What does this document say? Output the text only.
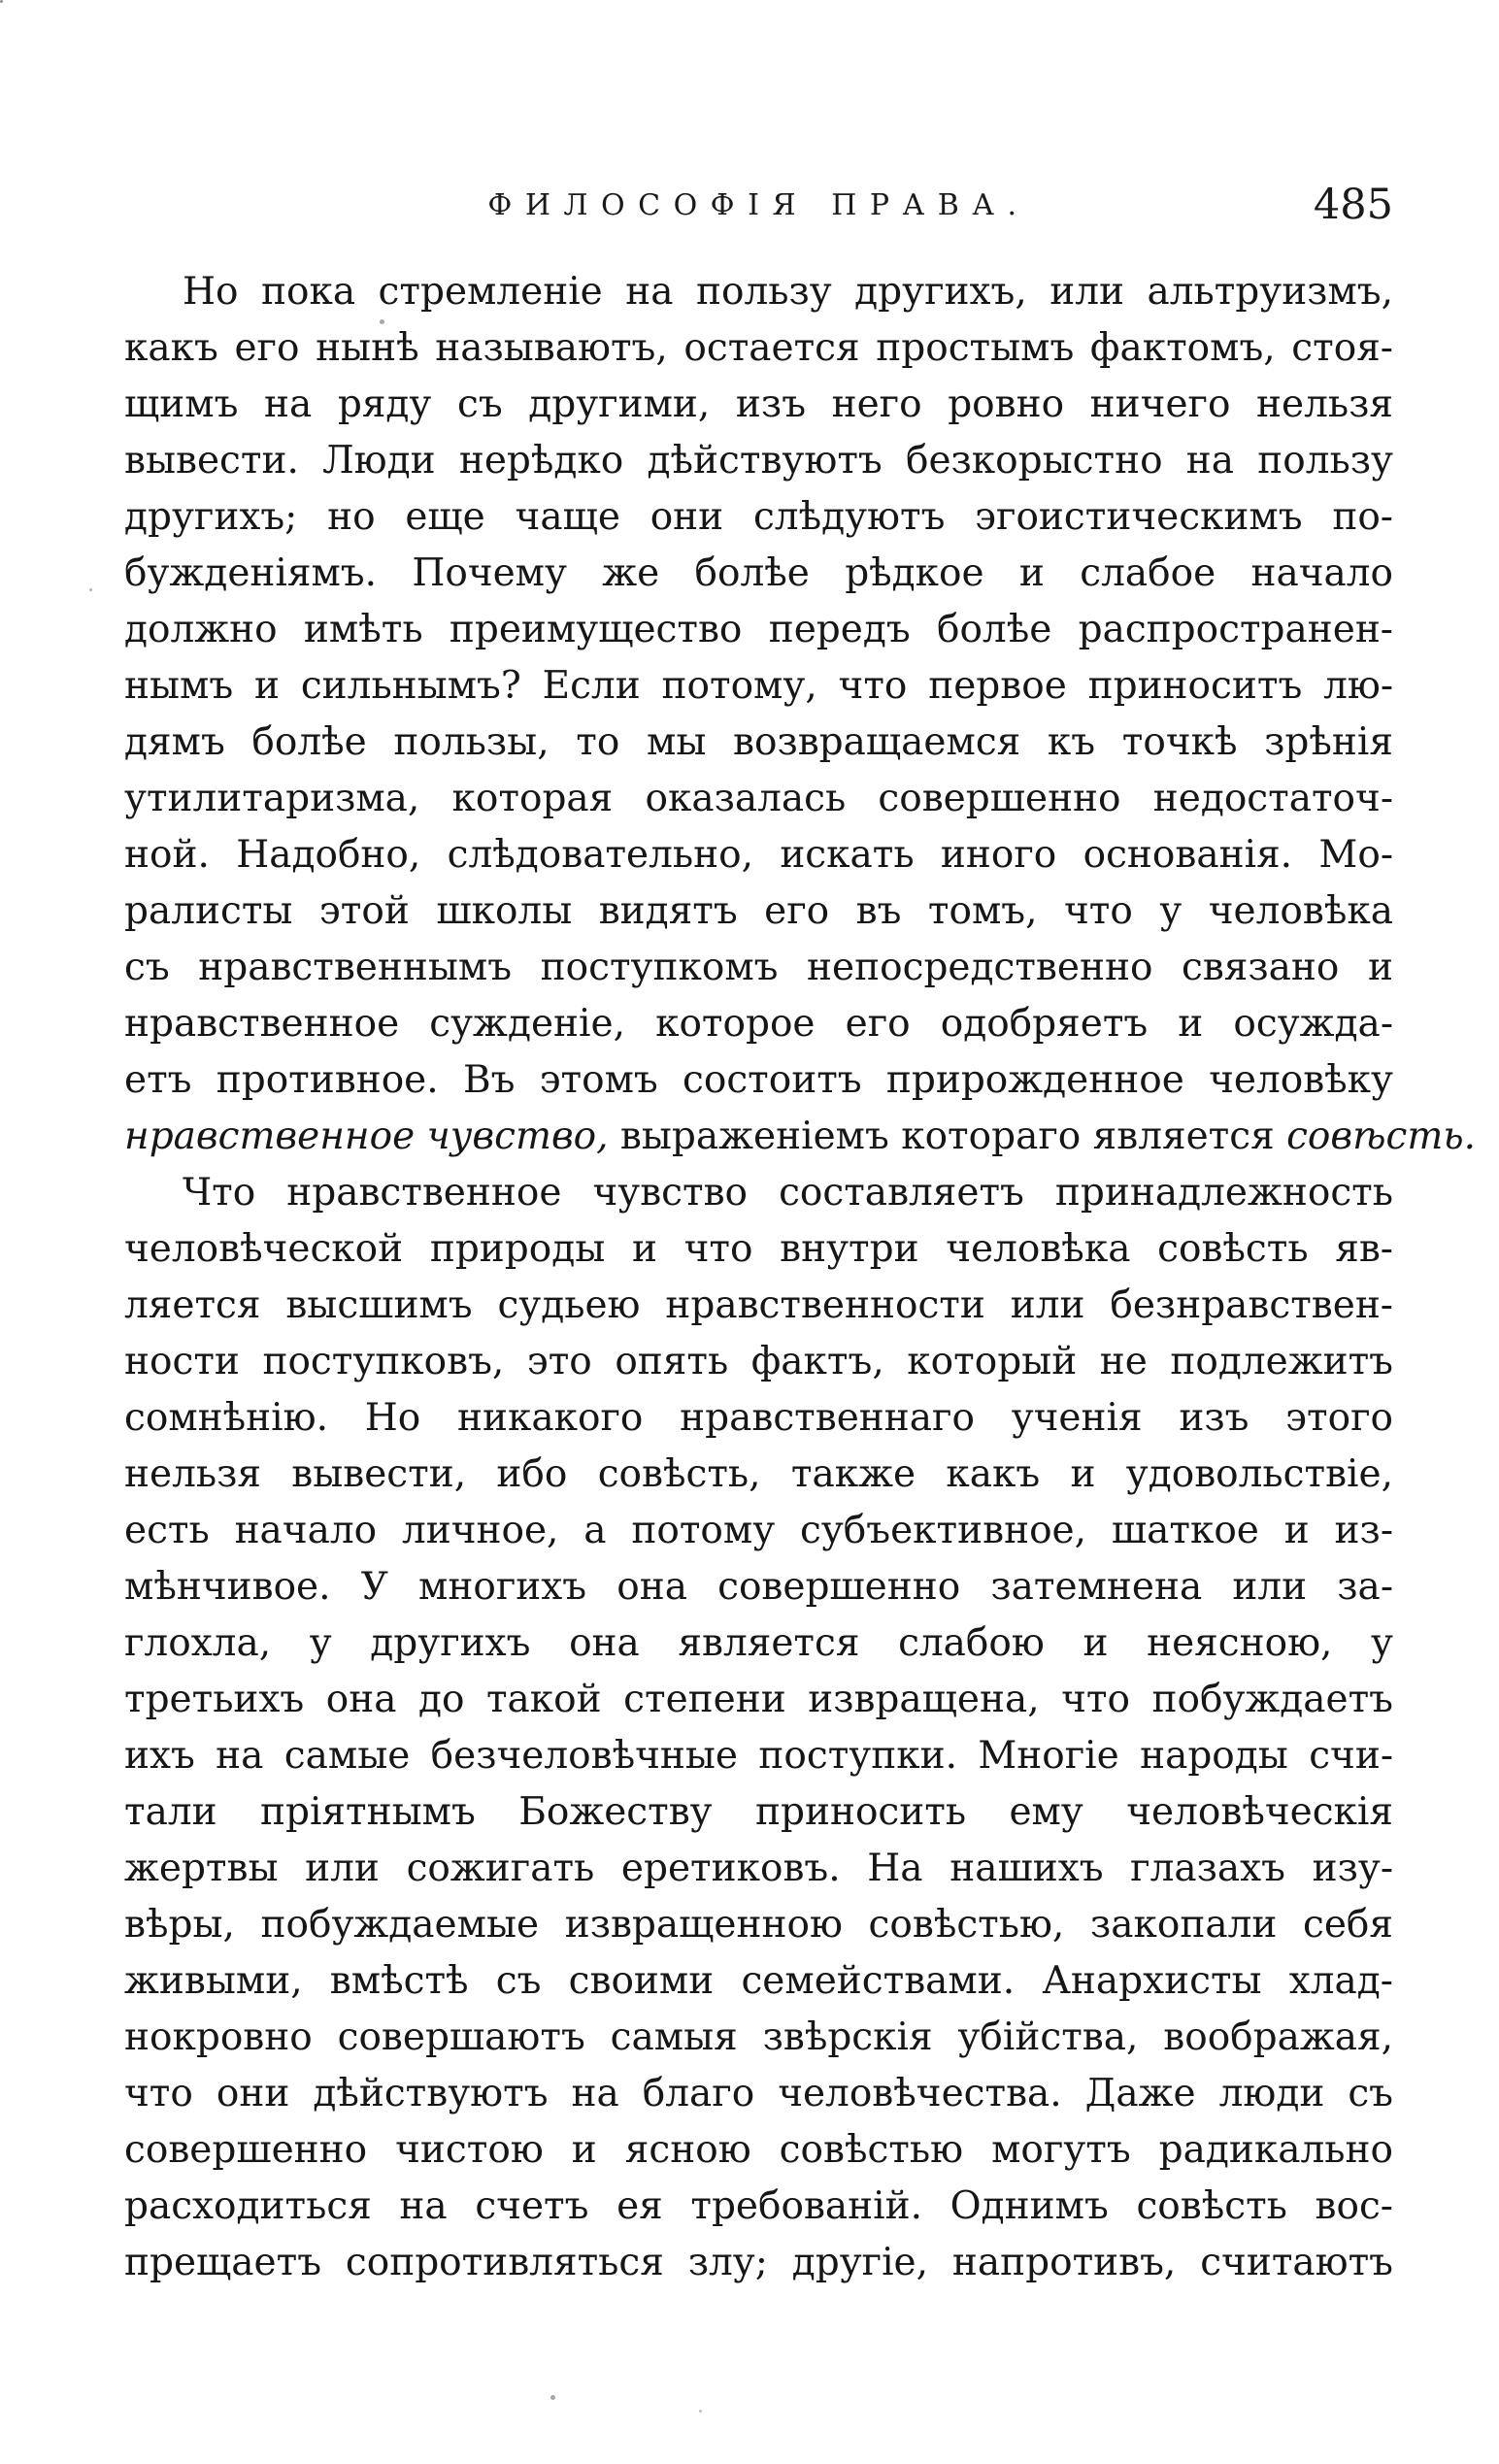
ФИЛОСОФІЯ ПРАВА.	485
Но пока стремленіе на пользу другихъ, или альтруизмъ,
какъ его нынѣ называютъ, остается простымъ фактомъ, стоя-
щимъ на ряду съ другими, изъ него ровно ничего нельзя
вывести. Люди нерѣдко дѣйствуютъ безкорыстно на пользу
другихъ; но еще чаще они слѣдуютъ эгоистическимъ по-
бужденіямъ. Почему же болѣе рѣдкое и слабое начало
должно имѣть преимущество передъ болѣе распространен-
нымъ и сильнымъ? Если потому, что первое приноситъ лю-
дямъ болѣе пользы, то мы возвращаемся къ точкѣ зрѣнія
утилитаризма, которая оказалась совершенно недостаточ-
ной. Надобно, слѣдовательно, искать иного основанія. Мо-
ралисты этой школы видятъ его въ томъ, что у человѣка
съ нравственнымъ поступкомъ непосредственно связано и
нравственное сужденіе, которое его одобряетъ и осужда-
етъ противное. Въ этомъ состоитъ прирожденное человѣку
нравственное чувство, выраженіемъ котораго является совѣсть.
Что нравственное чувство составляетъ принадлежность
человѣческой природы и что внутри человѣка совѣсть яв-
ляется высшимъ судьею нравственности или безнравствен-
ности поступковъ, это опять фактъ, который не подлежитъ
сомнѣнію. Но никакого нравственнаго ученія изъ этого
нельзя вывести, ибо совѣсть, также какъ и удовольствіе,
есть начало личное, а потому субъективное, шаткое и из-
мѣнчивое. У многихъ она совершенно затемнена или за-
глохла, у другихъ она является слабою и неясною, у
третьихъ она до такой степени извращена, что побуждаетъ
ихъ на самые безчеловѣчные поступки. Многіе народы счи-
тали пріятнымъ Божеству приносить ему человѣческія
жертвы или сожигать еретиковъ. На нашихъ глазахъ изу-
вѣры, побуждаемые извращенною совѣстью, закопали себя
живыми, вмѣстѣ съ своими семействами. Анархисты хлад-
нокровно совершаютъ самыя звѣрскія убійства, воображая,
что они дѣйствуютъ на благо человѣчества. Даже люди съ
совершенно чистою и ясною совѣстью могутъ радикально
расходиться на счетъ ея требованій. Однимъ совѣсть вос-
прещаетъ сопротивляться злу; другіе, напротивъ, считаютъ
